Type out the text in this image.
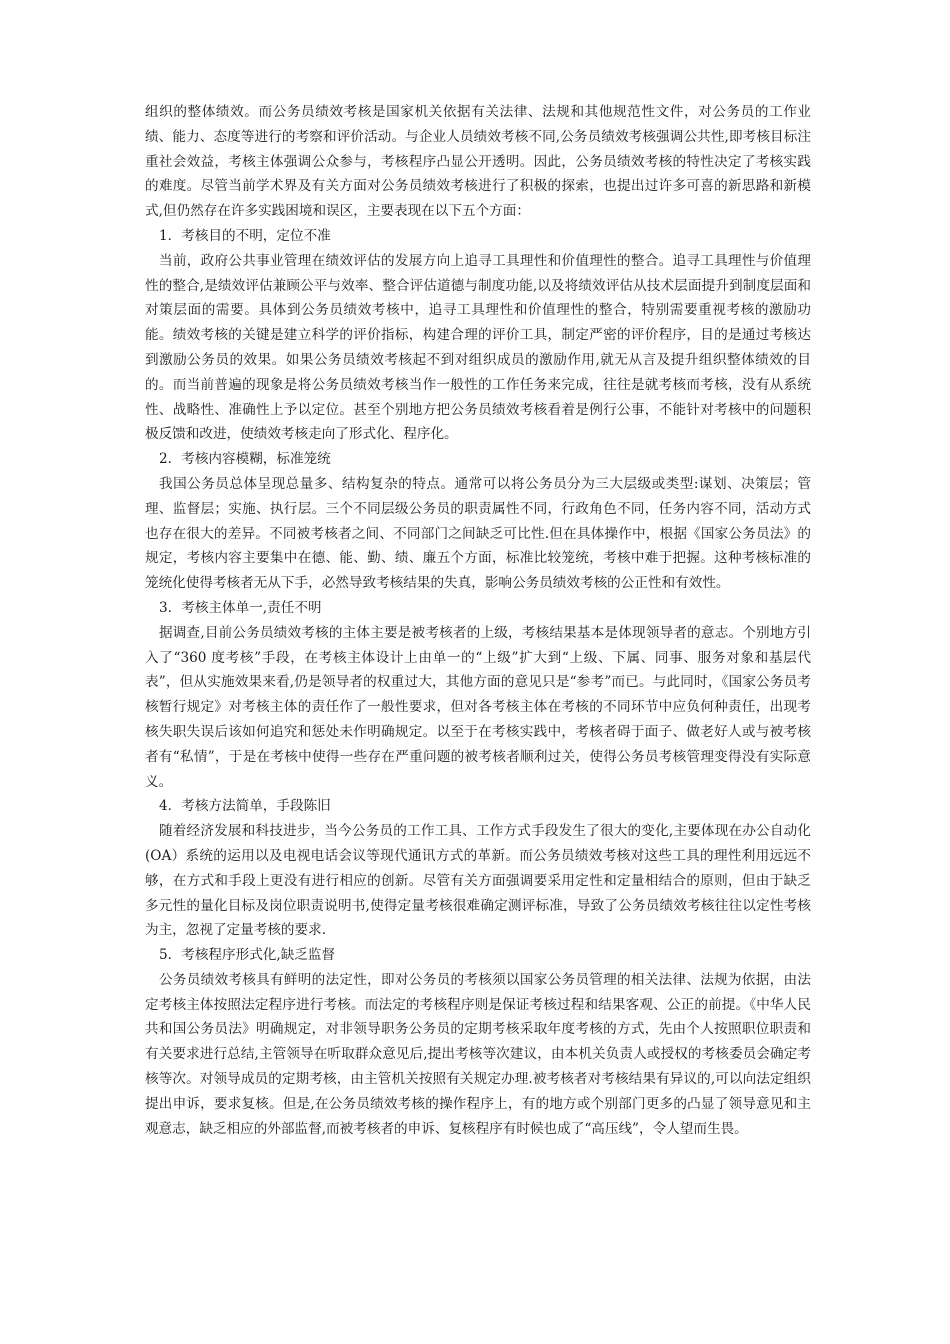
组织的整体绩效。而公务员绩效考核是国家机关依据有关法律、法规和其他规范性文件，对公务员的工作业绩、能力、态度等进行的考察和评价活动。与企业人员绩效考核不同,公务员绩效考核强调公共性,即考核目标注重社会效益，考核主体强调公众参与，考核程序凸显公开透明。因此，公务员绩效考核的特性决定了考核实践的难度。尽管当前学术界及有关方面对公务员绩效考核进行了积极的探索，也提出过许多可喜的新思路和新模式,但仍然存在许多实践困境和误区，主要表现在以下五个方面：

1．考核目的不明，定位不准

当前，政府公共事业管理在绩效评估的发展方向上追寻工具理性和价值理性的整合。追寻工具理性与价值理性的整合,是绩效评估兼顾公平与效率、整合评估道德与制度功能,以及将绩效评估从技术层面提升到制度层面和对策层面的需要。具体到公务员绩效考核中，追寻工具理性和价值理性的整合，特别需要重视考核的激励功能。绩效考核的关键是建立科学的评价指标，构建合理的评价工具，制定严密的评价程序，目的是通过考核达到激励公务员的效果。如果公务员绩效考核起不到对组织成员的激励作用,就无从言及提升组织整体绩效的目的。而当前普遍的现象是将公务员绩效考核当作一般性的工作任务来完成，往往是就考核而考核，没有从系统性、战略性、准确性上予以定位。甚至个别地方把公务员绩效考核看着是例行公事，不能针对考核中的问题积极反馈和改进，使绩效考核走向了形式化、程序化。

2．考核内容模糊，标准笼统

我国公务员总体呈现总量多、结构复杂的特点。通常可以将公务员分为三大层级或类型:谋划、决策层；管理、监督层；实施、执行层。三个不同层级公务员的职责属性不同，行政角色不同，任务内容不同，活动方式也存在很大的差异。不同被考核者之间、不同部门之间缺乏可比性.但在具体操作中，根据《国家公务员法》的规定，考核内容主要集中在德、能、勤、绩、廉五个方面，标准比较笼统，考核中难于把握。这种考核标准的笼统化使得考核者无从下手，必然导致考核结果的失真，影响公务员绩效考核的公正性和有效性。

3．考核主体单一,责任不明

据调查,目前公务员绩效考核的主体主要是被考核者的上级，考核结果基本是体现领导者的意志。个别地方引入了“360 度考核”手段，在考核主体设计上由单一的“上级”扩大到“上级、下属、同事、服务对象和基层代表”，但从实施效果来看,仍是领导者的权重过大，其他方面的意见只是“参考”而已。与此同时，《国家公务员考核暂行规定》对考核主体的责任作了一般性要求，但对各考核主体在考核的不同环节中应负何种责任，出现考核失职失误后该如何追究和惩处未作明确规定。以至于在考核实践中，考核者碍于面子、做老好人或与被考核者有“私情”，于是在考核中使得一些存在严重问题的被考核者顺利过关，使得公务员考核管理变得没有实际意义。

4．考核方法简单，手段陈旧

随着经济发展和科技进步，当今公务员的工作工具、工作方式手段发生了很大的变化,主要体现在办公自动化(OA）系统的运用以及电视电话会议等现代通讯方式的革新。而公务员绩效考核对这些工具的理性利用远远不够，在方式和手段上更没有进行相应的创新。尽管有关方面强调要采用定性和定量相结合的原则，但由于缺乏多元性的量化目标及岗位职责说明书,使得定量考核很难确定测评标准，导致了公务员绩效考核往往以定性考核为主，忽视了定量考核的要求.

5．考核程序形式化,缺乏监督

公务员绩效考核具有鲜明的法定性，即对公务员的考核须以国家公务员管理的相关法律、法规为依据，由法定考核主体按照法定程序进行考核。而法定的考核程序则是保证考核过程和结果客观、公正的前提。《中华人民共和国公务员法》明确规定，对非领导职务公务员的定期考核采取年度考核的方式，先由个人按照职位职责和有关要求进行总结,主管领导在听取群众意见后,提出考核等次建议，由本机关负责人或授权的考核委员会确定考核等次。对领导成员的定期考核，由主管机关按照有关规定办理.被考核者对考核结果有异议的,可以向法定组织提出申诉，要求复核。但是,在公务员绩效考核的操作程序上，有的地方或个别部门更多的凸显了领导意见和主观意志，缺乏相应的外部监督,而被考核者的申诉、复核程序有时候也成了“高压线”，令人望而生畏。
